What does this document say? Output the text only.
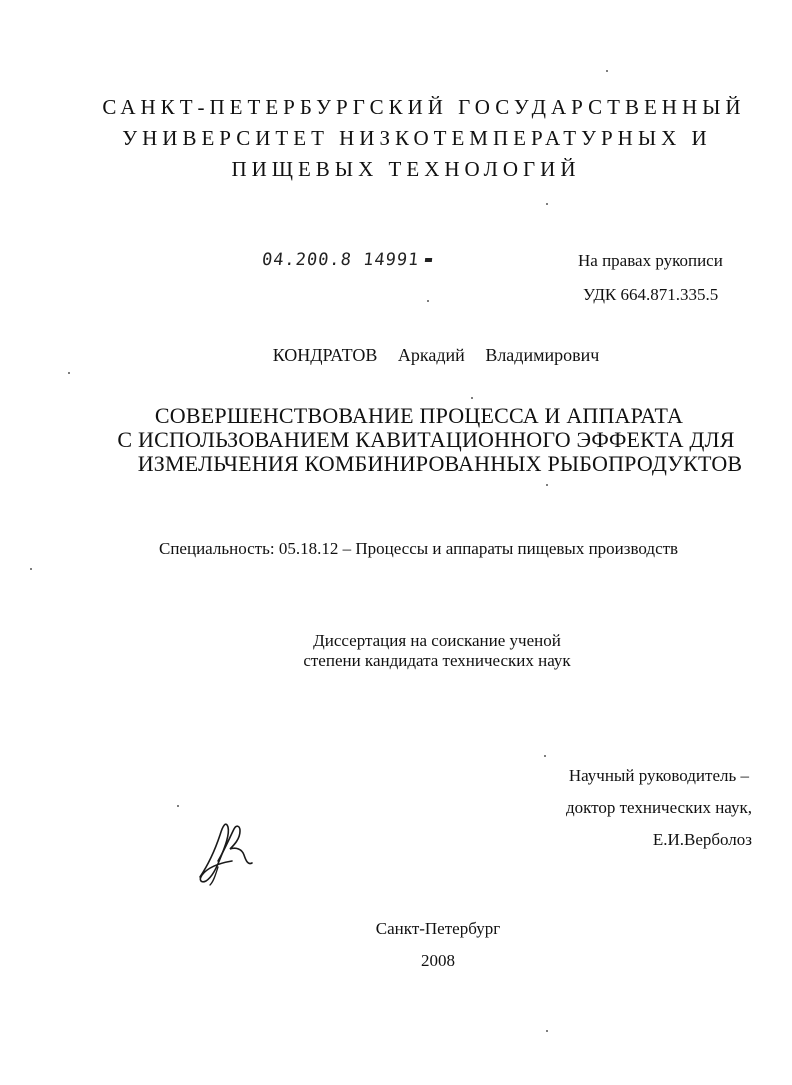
САНКТ-ПЕТЕРБУРГСКИЙ ГОСУДАРСТВЕННЫЙ
УНИВЕРСИТЕТ НИЗКОТЕМПЕРАТУРНЫХ И
ПИЩЕВЫХ ТЕХНОЛОГИЙ
04.200.8 14991	На правах рукописи
УДК 664.871.335.5
КОНДРАТОВ Аркадий Владимирович
СОВЕРШЕНСТВОВАНИЕ ПРОЦЕССА И АППАРАТА
С ИСПОЛЬЗОВАНИЕМ КАВИТАЦИОННОГО ЭФФЕКТА ДЛЯ
ИЗМЕЛЬЧЕНИЯ КОМБИНИРОВАННЫХ РЫБОПРОДУКТОВ
Специальность: 05.18.12 – Процессы и аппараты пищевых производств
Диссертация на соискание ученой
степени кандидата технических наук
Научный руководитель –
доктор технических наук,
Е.И.Верболоз
Санкт-Петербург
2008
